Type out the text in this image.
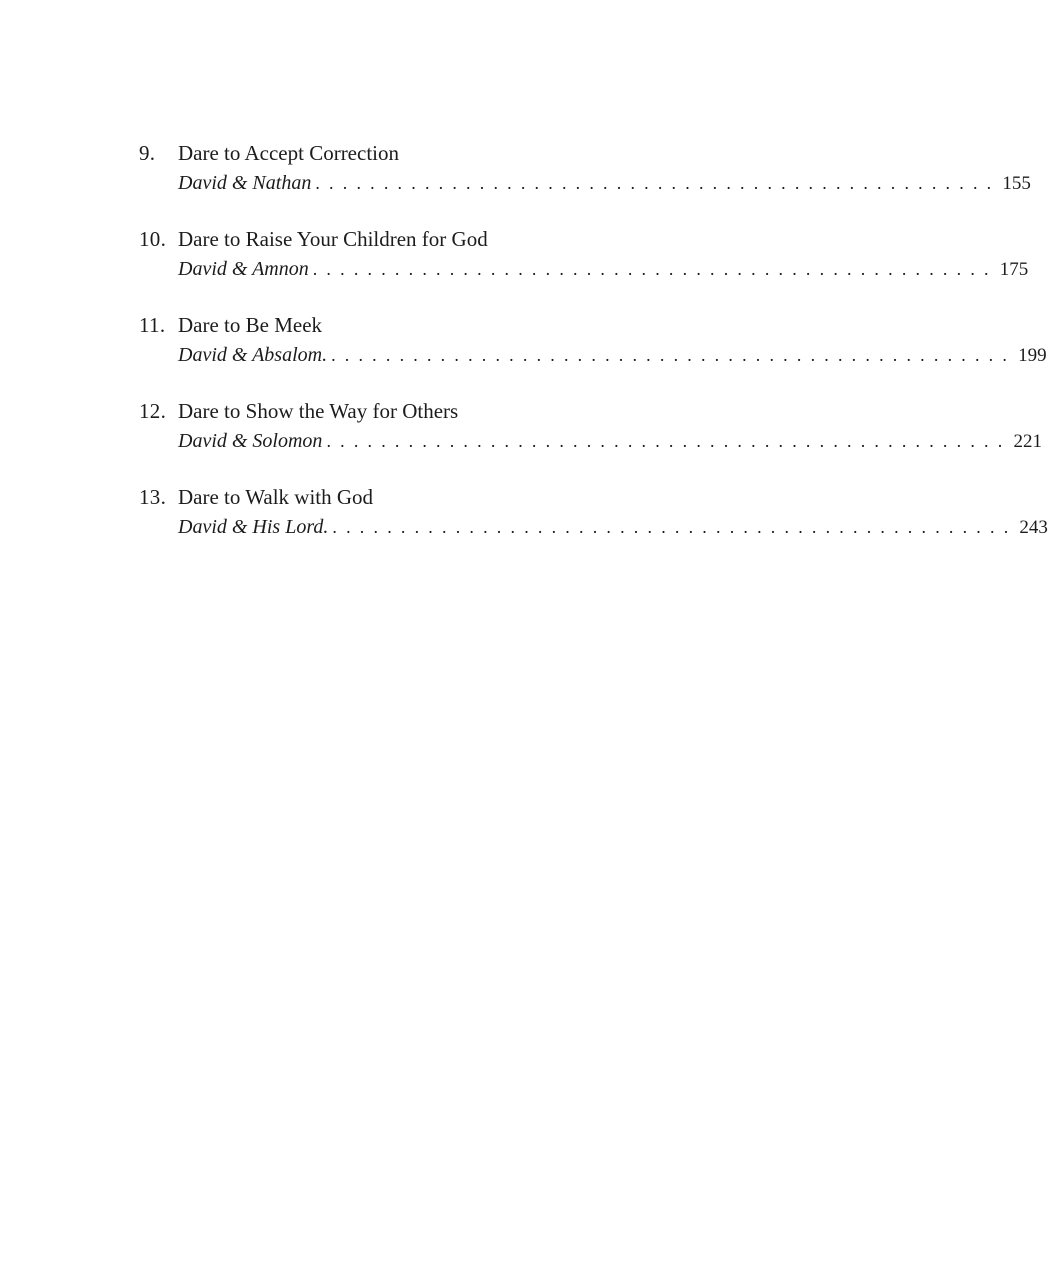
9.	Dare to Accept Correction
David & Nathan .................................................. 155
10. Dare to Raise Your Children for God
David & Amnon .................................................. 175
11. Dare to Be Meek
David & Absalom. .................................................. 199
12. Dare to Show the Way for Others
David & Solomon .................................................. 221
13. Dare to Walk with God
David & His Lord. .................................................. 243
